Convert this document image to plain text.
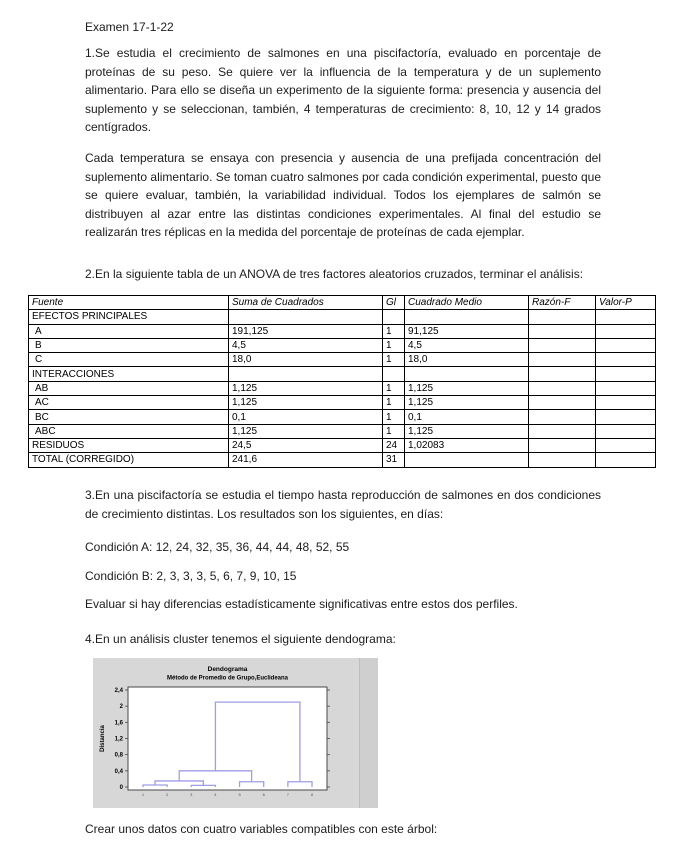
Examen 17-1-22
1.Se estudia el crecimiento de salmones en una piscifactoría, evaluado en porcentaje de proteínas de su peso. Se quiere ver la influencia de la temperatura y de un suplemento alimentario. Para ello se diseña un experimento de la siguiente forma: presencia y ausencia del suplemento y se seleccionan, también, 4 temperaturas de crecimiento: 8, 10, 12 y 14 grados centígrados.
Cada temperatura se ensaya con presencia y ausencia de una prefijada concentración del suplemento alimentario. Se toman cuatro salmones por cada condición experimental, puesto que se quiere evaluar, también, la variabilidad individual. Todos los ejemplares de salmón se distribuyen al azar entre las distintas condiciones experimentales. Al final del estudio se realizarán tres réplicas en la medida del porcentaje de proteínas de cada ejemplar.
2.En la siguiente tabla de un ANOVA de tres factores aleatorios cruzados, terminar el análisis:
Fuente	Suma de Cuadrados	Gl	Cuadrado Medio	Razón-F	Valor-P
EFECTOS PRINCIPALES					
A	191,125	1	91,125		
B	4,5	1	4,5		
C	18,0	1	18,0		
INTERACCIONES					
AB	1,125	1	1,125		
AC	1,125	1	1,125		
BC	0,1	1	0,1		
ABC	1,125	1	1,125		
RESIDUOS	24,5	24	1,02083		
TOTAL (CORREGIDO)	241,6	31			
3.En una piscifactoría se estudia el tiempo hasta reproducción de salmones en dos condiciones de crecimiento distintas. Los resultados son los siguientes, en días:
Condición A: 12, 24, 32, 35, 36, 44, 44, 48, 52, 55
Condición B: 2, 3, 3, 3, 5, 6, 7, 9, 10, 15
Evaluar si hay diferencias estadísticamente significativas entre estos dos perfiles.
4.En un análisis cluster tenemos el siguiente dendograma:
Dendograma
Método de Promedio de Grupo,Euclideana
Distancia
0
0,4
0,8
1,2
1,6
2
2,4
1	2	3	4	5	6	7	8
Crear unos datos con cuatro variables compatibles con este árbol:
